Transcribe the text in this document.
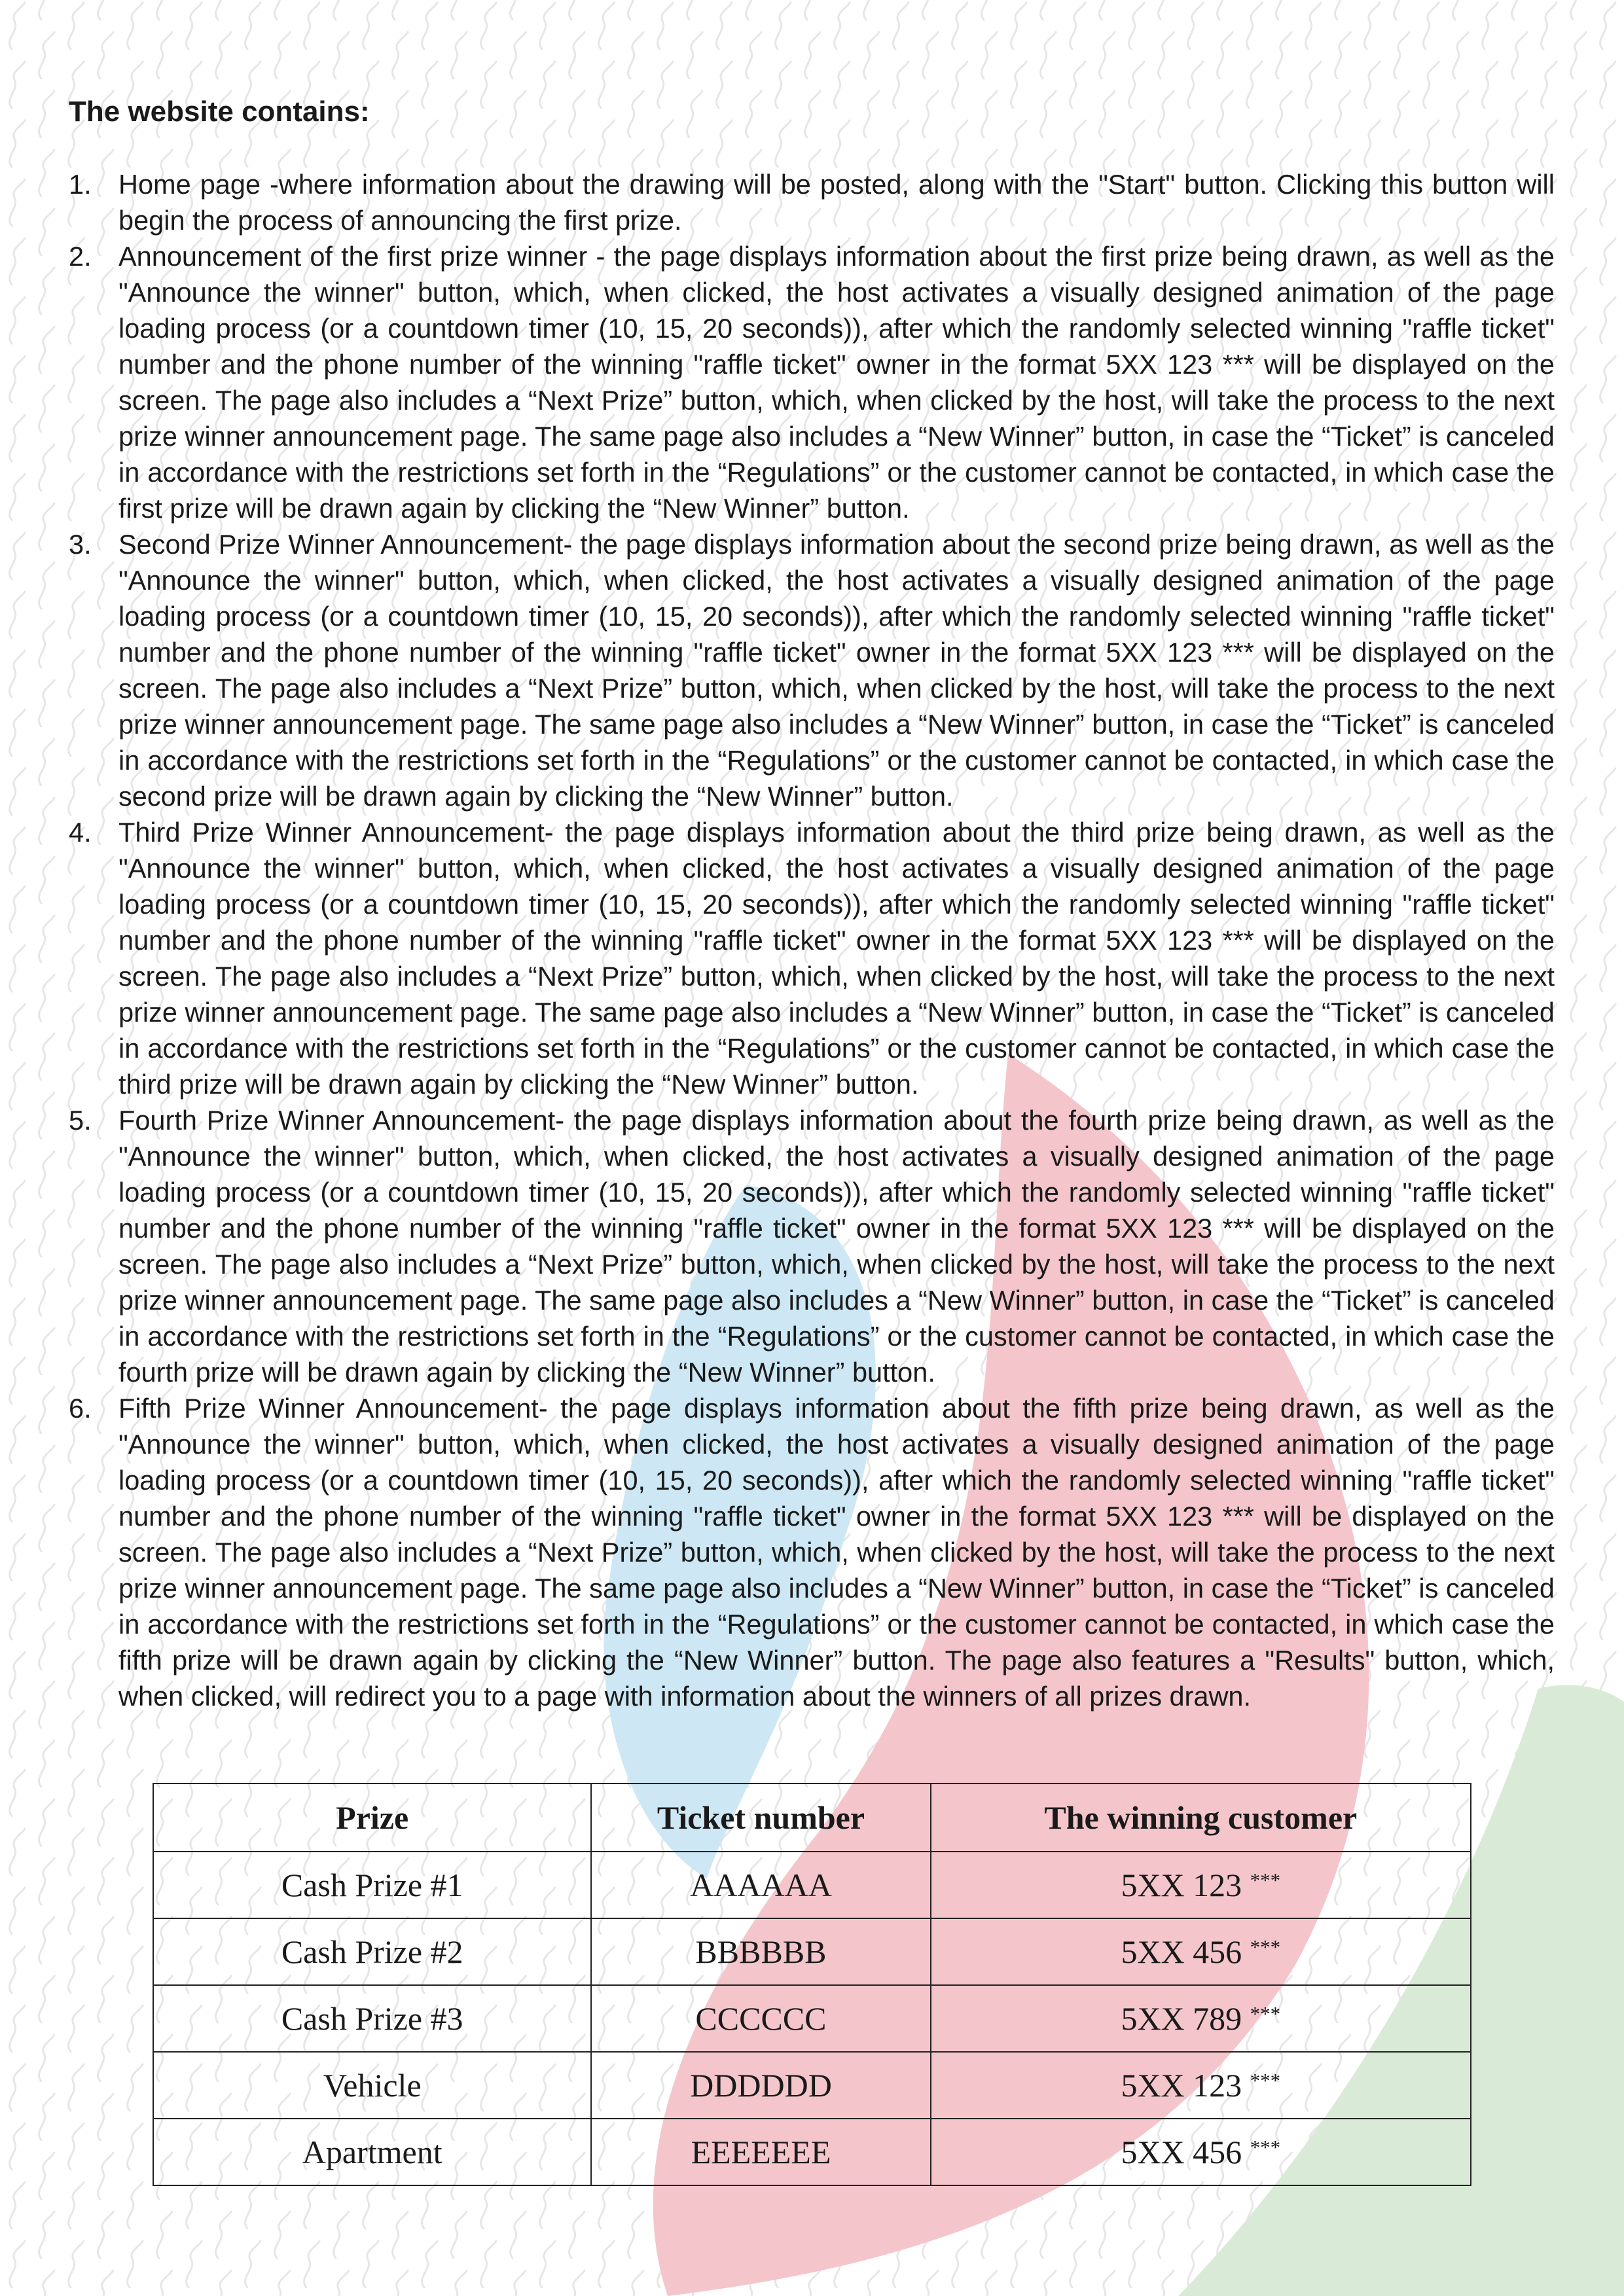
The website contains:
1. Home page -where information about the drawing will be posted, along with the "Start" button. Clicking this button will begin the process of announcing the first prize.
2. Announcement of the first prize winner - the page displays information about the first prize being drawn, as well as the "Announce the winner" button, which, when clicked, the host activates a visually designed animation of the page loading process (or a countdown timer (10, 15, 20 seconds)), after which the randomly selected winning "raffle ticket" number and the phone number of the winning "raffle ticket" owner in the format 5XX 123 *** will be displayed on the screen. The page also includes a “Next Prize” button, which, when clicked by the host, will take the process to the next prize winner announcement page. The same page also includes a “New Winner” button, in case the “Ticket” is canceled in accordance with the restrictions set forth in the “Regulations” or the customer cannot be contacted, in which case the first prize will be drawn again by clicking the “New Winner” button.
3. Second Prize Winner Announcement- the page displays information about the second prize being drawn, as well as the "Announce the winner" button, which, when clicked, the host activates a visually designed animation of the page loading process (or a countdown timer (10, 15, 20 seconds)), after which the randomly selected winning "raffle ticket" number and the phone number of the winning "raffle ticket" owner in the format 5XX 123 *** will be displayed on the screen. The page also includes a “Next Prize” button, which, when clicked by the host, will take the process to the next prize winner announcement page. The same page also includes a “New Winner” button, in case the “Ticket” is canceled in accordance with the restrictions set forth in the “Regulations” or the customer cannot be contacted, in which case the second prize will be drawn again by clicking the “New Winner” button.
4. Third Prize Winner Announcement- the page displays information about the third prize being drawn, as well as the "Announce the winner" button, which, when clicked, the host activates a visually designed animation of the page loading process (or a countdown timer (10, 15, 20 seconds)), after which the randomly selected winning "raffle ticket" number and the phone number of the winning "raffle ticket" owner in the format 5XX 123 *** will be displayed on the screen. The page also includes a “Next Prize” button, which, when clicked by the host, will take the process to the next prize winner announcement page. The same page also includes a “New Winner” button, in case the “Ticket” is canceled in accordance with the restrictions set forth in the “Regulations” or the customer cannot be contacted, in which case the third prize will be drawn again by clicking the “New Winner” button.
5. Fourth Prize Winner Announcement- the page displays information about the fourth prize being drawn, as well as the "Announce the winner" button, which, when clicked, the host activates a visually designed animation of the page loading process (or a countdown timer (10, 15, 20 seconds)), after which the randomly selected winning "raffle ticket" number and the phone number of the winning "raffle ticket" owner in the format 5XX 123 *** will be displayed on the screen. The page also includes a “Next Prize” button, which, when clicked by the host, will take the process to the next prize winner announcement page. The same page also includes a “New Winner” button, in case the “Ticket” is canceled in accordance with the restrictions set forth in the “Regulations” or the customer cannot be contacted, in which case the fourth prize will be drawn again by clicking the “New Winner” button.
6. Fifth Prize Winner Announcement- the page displays information about the fifth prize being drawn, as well as the "Announce the winner" button, which, when clicked, the host activates a visually designed animation of the page loading process (or a countdown timer (10, 15, 20 seconds)), after which the randomly selected winning "raffle ticket" number and the phone number of the winning "raffle ticket" owner in the format 5XX 123 *** will be displayed on the screen. The page also includes a “Next Prize” button, which, when clicked by the host, will take the process to the next prize winner announcement page. The same page also includes a “New Winner” button, in case the “Ticket” is canceled in accordance with the restrictions set forth in the “Regulations” or the customer cannot be contacted, in which case the fifth prize will be drawn again by clicking the “New Winner” button. The page also features a "Results" button, which, when clicked, will redirect you to a page with information about the winners of all prizes drawn.
Prize	Ticket number	The winning customer
Cash Prize #1	AAAAAA	5XX 123 ***
Cash Prize #2	BBBBBB	5XX 456 ***
Cash Prize #3	CCCCCC	5XX 789 ***
Vehicle	DDDDDD	5XX 123 ***
Apartment	EEEEEEE	5XX 456 ***
